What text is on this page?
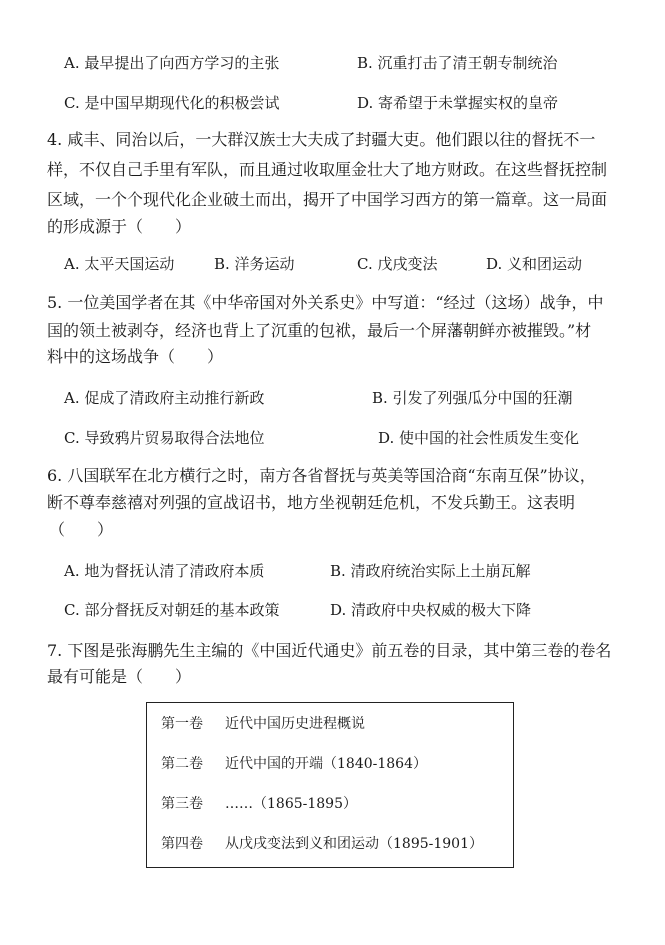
A. 最早提出了向西方学习的主张	B. 沉重打击了清王朝专制统治
C. 是中国早期现代化的积极尝试	D. 寄希望于未掌握实权的皇帝
4. 咸丰、同治以后，一大群汉族士大夫成了封疆大吏。他们跟以往的督抚不一
样，不仅自己手里有军队，而且通过收取厘金壮大了地方财政。在这些督抚控制
区域，一个个现代化企业破土而出，揭开了中国学习西方的第一篇章。这一局面
的形成源于（　　）
A. 太平天国运动	B. 洋务运动	C. 戊戌变法	D. 义和团运动
5. 一位美国学者在其《中华帝国对外关系史》中写道：“经过（这场）战争，中
国的领土被剥夺，经济也背上了沉重的包袱，最后一个屏藩朝鲜亦被摧毁。”材
料中的这场战争（　　）
A. 促成了清政府主动推行新政	B. 引发了列强瓜分中国的狂潮
C. 导致鸦片贸易取得合法地位	D. 使中国的社会性质发生变化
6. 八国联军在北方横行之时，南方各省督抚与英美等国洽商“东南互保”协议，
断不尊奉慈禧对列强的宣战诏书，地方坐视朝廷危机，不发兵勤王。这表明
（　　）
A. 地为督抚认清了清政府本质	B. 清政府统治实际上土崩瓦解
C. 部分督抚反对朝廷的基本政策	D. 清政府中央权威的极大下降
7. 下图是张海鹏先生主编的《中国近代通史》前五卷的目录，其中第三卷的卷名
最有可能是（　　）
第一卷 近代中国历史进程概说
第二卷 近代中国的开端（1840-1864）
第三卷 ……（1865-1895）
第四卷 从戊戌变法到义和团运动（1895-1901）
